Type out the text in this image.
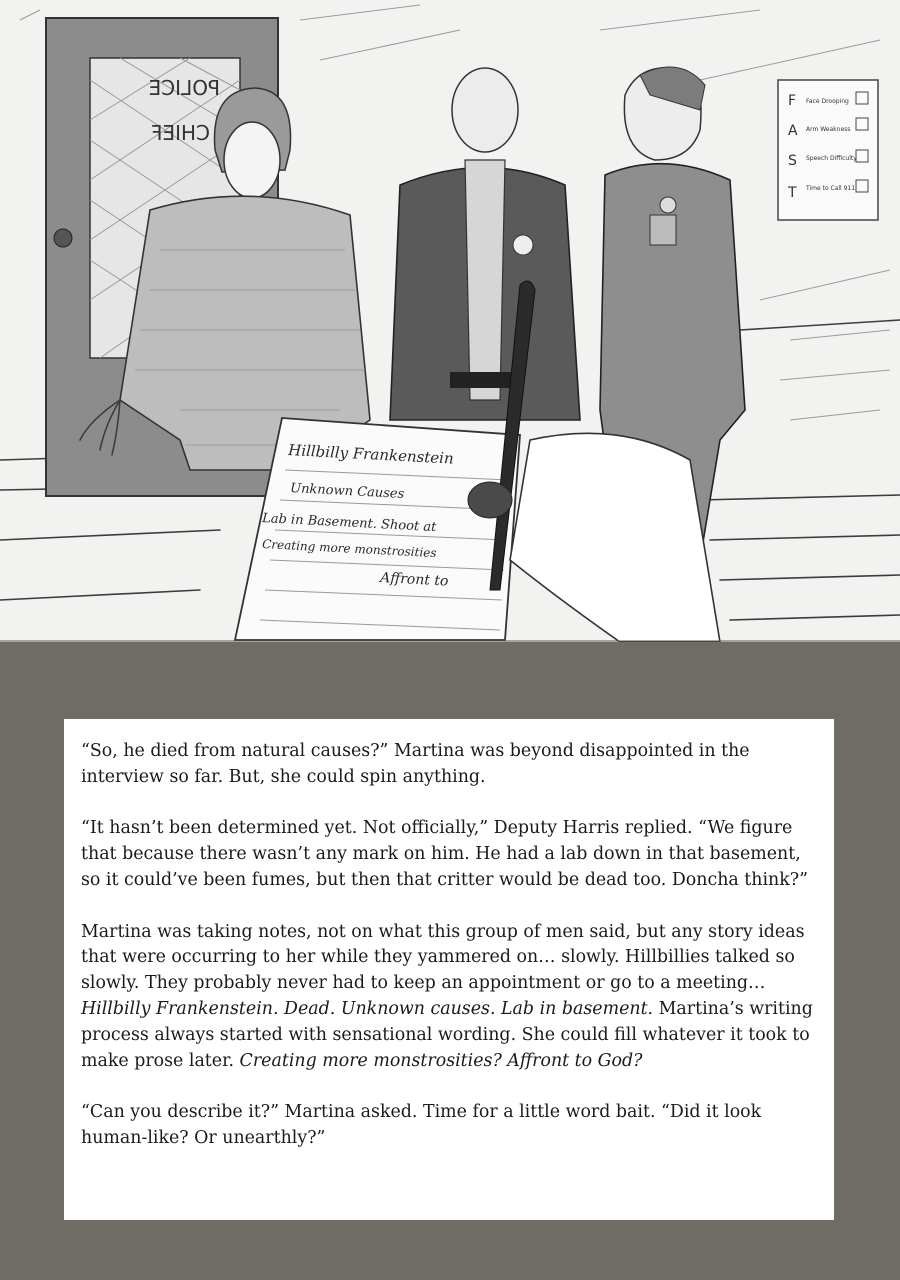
POLICE
CHIEF
F
A
S
T
Face Drooping
Arm Weakness
Speech Difficulty
Time to Call 911
Hillbilly Frankenstein
Unknown Causes
Lab in Basement. Shoot at
Creating more monstrosities
Affront to

“So, he died from natural causes?” Martina was beyond disappointed in the interview so far. But, she could spin anything.

“It hasn’t been determined yet. Not officially,” Deputy Harris replied. “We figure that because there wasn’t any mark on him. He had a lab down in that basement, so it could’ve been fumes, but then that critter would be dead too. Doncha think?”

Martina was taking notes, not on what this group of men said, but any story ideas that were occurring to her while they yammered on… slowly. Hillbillies talked so slowly. They probably never had to keep an appointment or go to a meeting… Hillbilly Frankenstein. Dead. Unknown causes. Lab in basement. Martina’s writing process always started with sensational wording. She could fill whatever it took to make prose later. Creating more monstrosities? Affront to God?

“Can you describe it?” Martina asked. Time for a little word bait. “Did it look human-like? Or unearthly?”
